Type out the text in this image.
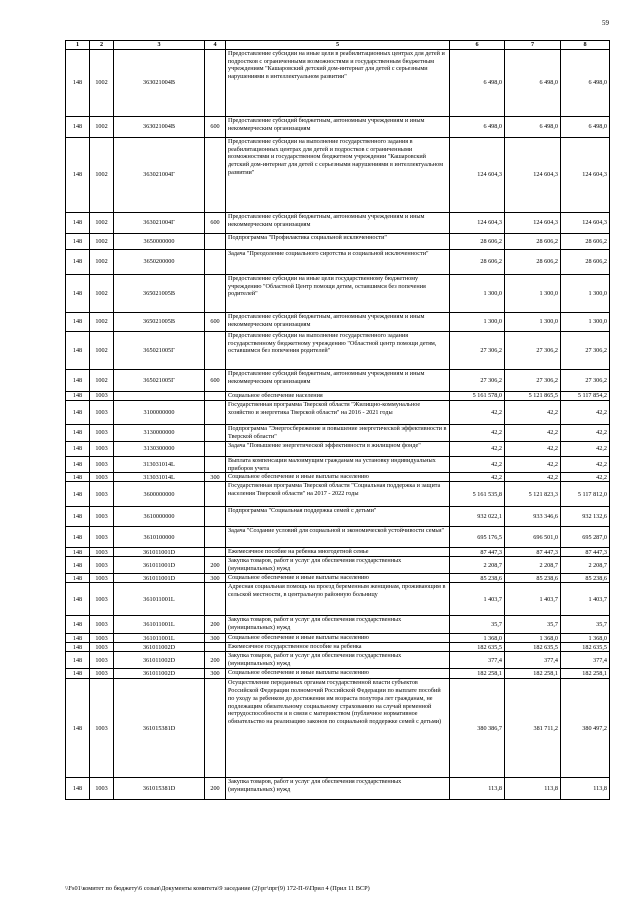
59
1	2	3	4	5	6	7	8
148	1002	363021004В		Предоставление субсидии на иные цели в реабилитационных центрах для детей и подростков с ограниченными возможностями и государственным бюджетным учреждениям "Кашаровский детский дом-интернат для детей с серьезными нарушениями в интеллектуальном развитии"	6 498,0	6 498,0	6 498,0
148	1002	363021004В	600	Предоставление субсидий бюджетным, автономным учреждениям и иным некоммерческим организациям	6 498,0	6 498,0	6 498,0
148	1002	363021004Г		Предоставление субсидии на выполнение государственного задания в реабилитационных центрах для детей и подростков с ограниченными возможностями и государственном бюджетном учреждении "Кашаровский детский дом-интернат для детей с серьезными нарушениями в интеллектуальном развитии"	124 604,3	124 604,3	124 604,3
148	1002	363021004Г	600	Предоставление субсидий бюджетным, автономным учреждениям и иным некоммерческим организациям	124 604,3	124 604,3	124 604,3
148	1002	3650000000		Подпрограмма "Профилактика социальной исключенности"	28 606,2	28 606,2	28 606,2
148	1002	3650200000		Задача "Преодоление социального сиротства и социальной исключенности"	28 606,2	28 606,2	28 606,2
148	1002	365021005В		Предоставление субсидии на иные цели государственному бюджетному учреждению "Областной Центр помощи детям, оставшимся без попечения родителей"	1 300,0	1 300,0	1 300,0
148	1002	365021005В	600	Предоставление субсидий бюджетным, автономным учреждениям и иным некоммерческим организациям	1 300,0	1 300,0	1 300,0
148	1002	365021005Г		Предоставление субсидии на выполнение государственного задания государственному бюджетному учреждению "Областной центр помощи детям, оставшимся без попечения родителей"	27 306,2	27 306,2	27 306,2
148	1002	365021005Г	600	Предоставление субсидий бюджетным, автономным учреждениям и иным некоммерческим организациям	27 306,2	27 306,2	27 306,2
148	1003			Социальное обеспечение населения	5 161 578,0	5 121 865,5	5 117 854,2
148	1003	3100000000		Государственная программа Тверской области "Жилищно-коммунальное хозяйство и энергетика Тверской области" на 2016 - 2021 годы	42,2	42,2	42,2
148	1003	3130000000		Подпрограмма "Энергосбережение и повышение энергетической эффективности в Тверской области"	42,2	42,2	42,2
148	1003	3130300000		Задача "Повышение энергетической эффективности в жилищном фонде"	42,2	42,2	42,2
148	1003	313031014L		Выплата компенсации малоимущим гражданам на установку индивидуальных приборов учета	42,2	42,2	42,2
148	1003	313031014L	300	Социальное обеспечение и иные выплаты населению	42,2	42,2	42,2
148	1003	3600000000		Государственная программа Тверской области "Социальная поддержка и защита населения Тверской области" на 2017 - 2022 годы	5 161 535,8	5 121 823,3	5 117 812,0
148	1003	3610000000		Подпрограмма "Социальная поддержка семей с детьми"	932 022,1	933 346,6	932 132,6
148	1003	3610100000		Задача "Создание условий для социальной и экономической устойчивости семьи"	695 176,5	696 501,0	695 287,0
148	1003	361011001D		Ежемесячное пособие на ребенка многодетной семье	87 447,3	87 447,3	87 447,3
148	1003	361011001D	200	Закупка товаров, работ и услуг для обеспечения государственных (муниципальных) нужд	2 208,7	2 208,7	2 208,7
148	1003	361011001D	300	Социальное обеспечение и иные выплаты населению	85 238,6	85 238,6	85 238,6
148	1003	361011001L		Адресная социальная помощь на проезд беременным женщинам, проживающим в сельской местности, в центральную районную больницу	1 403,7	1 403,7	1 403,7
148	1003	361011001L	200	Закупка товаров, работ и услуг для обеспечения государственных (муниципальных) нужд	35,7	35,7	35,7
148	1003	361011001L	300	Социальное обеспечение и иные выплаты населению	1 368,0	1 368,0	1 368,0
148	1003	361011002D		Ежемесячное государственное пособие на ребенка	182 635,5	182 635,5	182 635,5
148	1003	361011002D	200	Закупка товаров, работ и услуг для обеспечения государственных (муниципальных) нужд	377,4	377,4	377,4
148	1003	361011002D	300	Социальное обеспечение и иные выплаты населению	182 258,1	182 258,1	182 258,1
148	1003	361015381D		Осуществление переданных органам государственной власти субъектов Российской Федерации полномочий Российской Федерации по выплате пособий по уходу за ребенком до достижения им возраста полутора лет гражданам, не подлежащим обязательному социальному страхованию на случай временной нетрудоспособности и в связи с материнством (публичное нормативное обязательство на реализацию законов по социальной поддержке семей с детьми)	380 386,7	381 711,2	380 497,2
148	1003	361015381D	200	Закупка товаров, работ и услуг для обеспечения государственных (муниципальных) нужд	113,8	113,8	113,8
\\Fs01\комитет по бюджету\6 созыв\Документы комитета\9 заседание (2)\рг\прг(9) 172-П-6\Прил 4 (Прил 11 ВСР)
